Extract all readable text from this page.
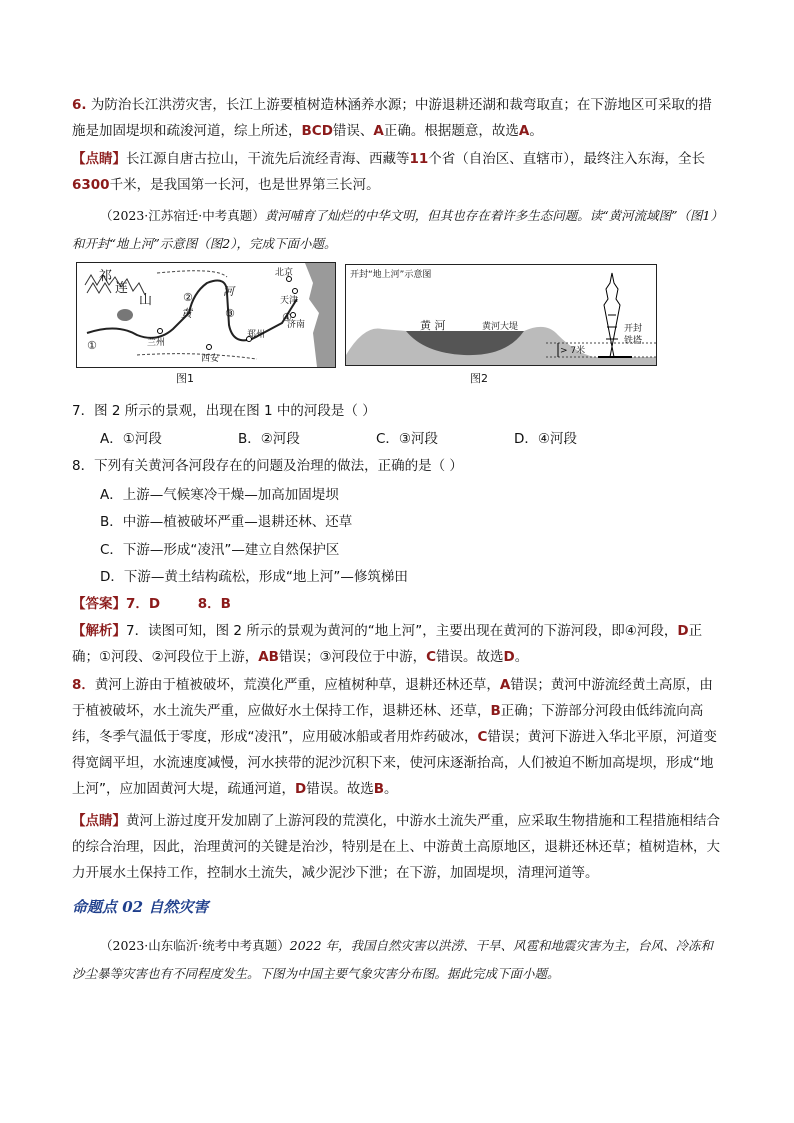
6. 为防治长江洪涝灾害，长江上游要植树造林涵养水源；中游退耕还湖和裁弯取直；在下游地区可采取的措施是加固堤坝和疏浚河道，综上所述，BCD错误、A正确。根据题意，故选A。

【点睛】长江源自唐古拉山，干流先后流经青海、西藏等11个省（自治区、直辖市），最终注入东海，全长6300千米，是我国第一长河，也是世界第三长河。

（2023·江苏宿迁·中考真题）黄河哺育了灿烂的中华文明，但其也存在着许多生态问题。读“黄河流域图”（图1）和开封“地上河”示意图（图2），完成下面小题。

祁
连
山
河
黄
北京
天津
济南
兰州
西安
郑州
①
②
③	④
图1
开封“地上河”示意图
黄 河	黄河大堤
> 7米
开封
铁塔
图2

7．图 2 所示的景观，出现在图 1 中的河段是（ ）

A．①河段	B．②河段	C．③河段	D．④河段

8．下列有关黄河各河段存在的问题及治理的做法，正确的是（ ）

A．上游—气候寒冷干燥—加高加固堤坝

B．中游—植被破坏严重—退耕还林、还草

C．下游—形成“凌汛”—建立自然保护区

D．下游—黄土结构疏松，形成“地上河”—修筑梯田

【答案】7．D        8．B

【解析】7．读图可知，图 2 所示的景观为黄河的“地上河”，主要出现在黄河的下游河段，即④河段，D正确；①河段、②河段位于上游，AB错误；③河段位于中游，C错误。故选D。

8．黄河上游由于植被破坏，荒漠化严重，应植树种草，退耕还林还草，A错误；黄河中游流经黄土高原，由于植被破坏，水土流失严重，应做好水土保持工作，退耕还林、还草，B正确；下游部分河段由低纬流向高纬，冬季气温低于零度，形成“凌汛”，应用破冰船或者用炸药破冰，C错误；黄河下游进入华北平原，河道变得宽阔平坦，水流速度减慢，河水挟带的泥沙沉积下来，使河床逐渐抬高，人们被迫不断加高堤坝，形成“地上河”，应加固黄河大堤，疏通河道，D错误。故选B。

【点睛】黄河上游过度开发加剧了上游河段的荒漠化，中游水土流失严重，应采取生物措施和工程措施相结合的综合治理，因此，治理黄河的关键是治沙，特别是在上、中游黄土高原地区，退耕还林还草；植树造林，大力开展水土保持工作，控制水土流失，减少泥沙下泄；在下游，加固堤坝，清理河道等。

命题点 02 自然灾害

（2023·山东临沂·统考中考真题）2022 年，我国自然灾害以洪涝、干旱、风雹和地震灾害为主，台风、冷冻和沙尘暴等灾害也有不同程度发生。下图为中国主要气象灾害分布图。据此完成下面小题。
